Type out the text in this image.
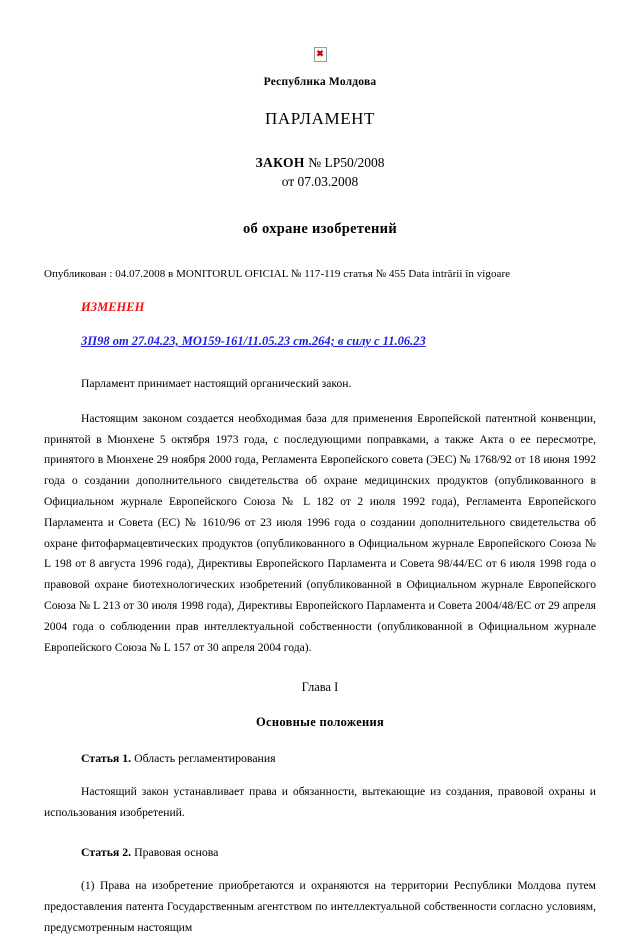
✖
Республика Молдова
ПАРЛАМЕНТ
ЗАКОН № LP50/2008
от 07.03.2008
об охране изобретений
Опубликован : 04.07.2008 в MONITORUL OFICIAL № 117-119 статья № 455 Data intrării în vigoare
ИЗМЕНЕН
ЗП98 от 27.04.23, МО159-161/11.05.23 ст.264; в силу с 11.06.23

Парламент принимает настоящий органический закон.

Настоящим законом создается необходимая база для применения Европейской патентной конвенции, принятой в Мюнхене 5 октября 1973 года, с последующими поправками, а также Акта о ее пересмотре, принятого в Мюнхене 29 ноября 2000 года, Регламента Европейского совета (ЭЕС) № 1768/92 от 18 июня 1992 года о создании дополнительного свидетельства об охране медицинских продуктов (опубликованного в Официальном журнале Европейского Союза № L 182 от 2 июля 1992 года), Регламента Европейского Парламента и Совета (ЕС) № 1610/96 от 23 июля 1996 года о создании дополнительного свидетельства об охране фитофармацевтических продуктов (опубликованного в Официальном журнале Европейского Союза № L 198 от 8 августа 1996 года), Директивы Европейского Парламента и Совета 98/44/ЕС от 6 июля 1998 года о правовой охране биотехнологических изобретений (опубликованной в Официальном журнале Европейского Союза № L 213 от 30 июля 1998 года), Директивы Европейского Парламента и Совета 2004/48/ЕС от 29 апреля 2004 года о соблюдении прав интеллектуальной собственности (опубликованной в Официальном журнале Европейского Союза № L 157 от 30 апреля 2004 года).

Глава I
Основные положения
Статья 1. Область регламентирования

Настоящий закон устанавливает права и обязанности, вытекающие из создания, правовой охраны и использования изобретений.

Статья 2. Правовая основа

(1) Права на изобретение приобретаются и охраняются на территории Республики Молдова путем предоставления патента Государственным агентством по интеллектуальной собственности согласно условиям, предусмотренным настоящим
